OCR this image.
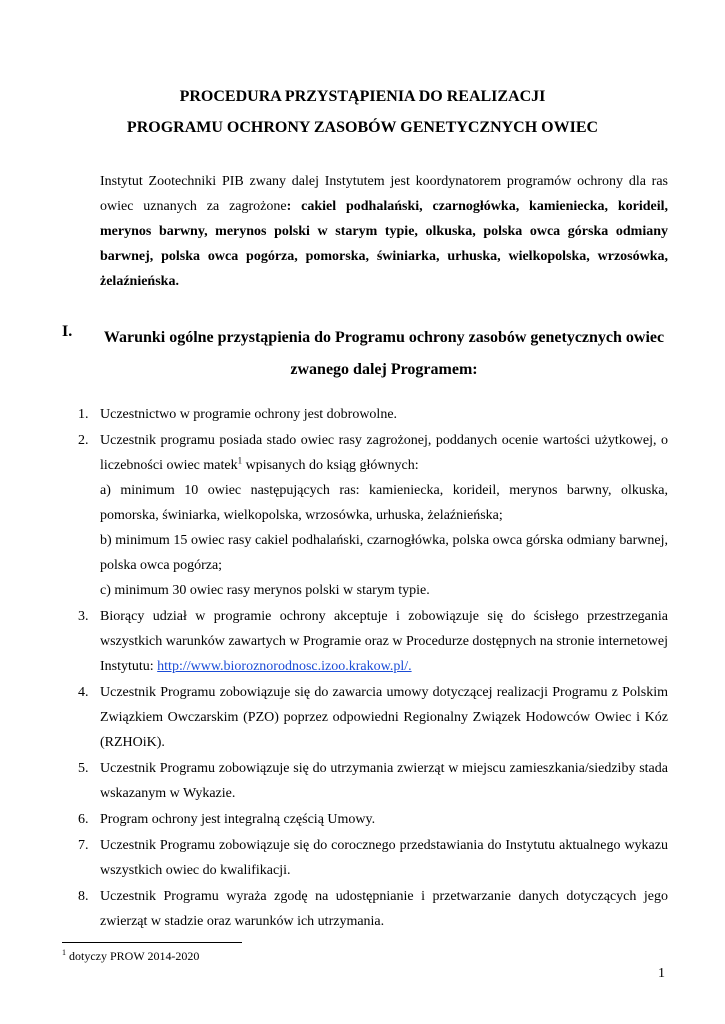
PROCEDURA PRZYSTĄPIENIA DO REALIZACJI
PROGRAMU OCHRONY ZASOBÓW GENETYCZNYCH OWIEC

Instytut Zootechniki PIB zwany dalej Instytutem jest koordynatorem programów ochrony dla ras owiec uznanych za zagrożone: cakiel podhalański, czarnogłówka, kamieniecka, korideil, merynos barwny, merynos polski w starym typie, olkuska, polska owca górska odmiany barwnej, polska owca pogórza, pomorska, świniarka, urhuska, wielkopolska, wrzosówka, żelaźnieńska.

I. Warunki ogólne przystąpienia do Programu ochrony zasobów genetycznych owiec zwanego dalej Programem:
1. Uczestnictwo w programie ochrony jest dobrowolne.

2. Uczestnik programu posiada stado owiec rasy zagrożonej, poddanych ocenie wartości użytkowej, o liczebności owiec matek$^1$ wpisanych do ksiąg głównych:

a) minimum 10 owiec następujących ras: kamieniecka, korideil, merynos barwny, olkuska, pomorska, świniarka, wielkopolska, wrzosówka, urhuska, żelaźnieńska;

b) minimum 15 owiec rasy cakiel podhalański, czarnogłówka, polska owca górska odmiany barwnej, polska owca pogórza;

c) minimum 30 owiec rasy merynos polski w starym typie.

3. Biorący udział w programie ochrony akceptuje i zobowiązuje się do ścisłego przestrzegania wszystkich warunków zawartych w Programie oraz w Procedurze dostępnych na stronie internetowej Instytutu: http://www.bioroznorodnosc.izoo.krakow.pl/.

4. Uczestnik Programu zobowiązuje się do zawarcia umowy dotyczącej realizacji Programu z Polskim Związkiem Owczarskim (PZO) poprzez odpowiedni Regionalny Związek Hodowców Owiec i Kóz (RZHOiK).

5. Uczestnik Programu zobowiązuje się do utrzymania zwierząt w miejscu zamieszkania/siedziby stada wskazanym w Wykazie.

6. Program ochrony jest integralną częścią Umowy.

7. Uczestnik Programu zobowiązuje się do corocznego przedstawiania do Instytutu aktualnego wykazu wszystkich owiec do kwalifikacji.

8. Uczestnik Programu wyraża zgodę na udostępnianie i przetwarzanie danych dotyczących jego zwierząt w stadzie oraz warunków ich utrzymania.

$^1$ dotyczy PROW 2014-2020
1
